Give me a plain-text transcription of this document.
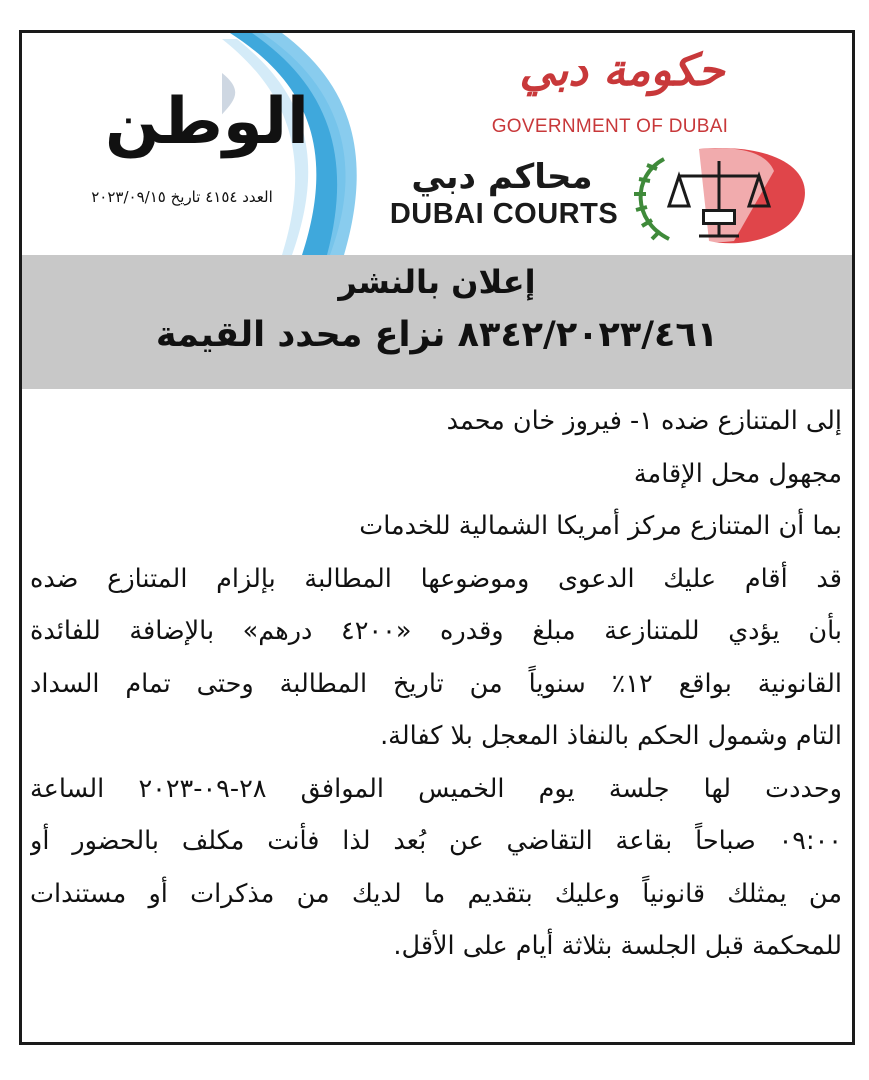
الوطن
العدد ٤١٥٤ تاريخ ٢٠٢٣/٠٩/١٥
حكومة دبي
GOVERNMENT OF DUBAI
محاكم دبي
DUBAI COURTS
إعلان بالنشر
٨٣٤٢/٢٠٢٣/٤٦١ نزاع محدد القيمة

إلى المتنازع ضده ١- فيروز خان محمد

مجهول محل الإقامة

بما أن المتنازع مركز أمريكا الشمالية للخدمات

قد أقام عليك الدعوى وموضوعها المطالبة بإلزام المتنازع ضده

بأن يؤدي للمتنازعة مبلغ وقدره «٤٢٠٠ درهم» بالإضافة للفائدة

القانونية بواقع ١٢٪ سنوياً من تاريخ المطالبة وحتى تمام السداد

التام وشمول الحكم بالنفاذ المعجل بلا كفالة.

وحددت لها جلسة يوم الخميس الموافق ٢٨-٠٩-٢٠٢٣ الساعة

٠٩:٠٠ صباحاً بقاعة التقاضي عن بُعد لذا فأنت مكلف بالحضور أو

من يمثلك قانونياً وعليك بتقديم ما لديك من مذكرات أو مستندات

للمحكمة قبل الجلسة بثلاثة أيام على الأقل.
